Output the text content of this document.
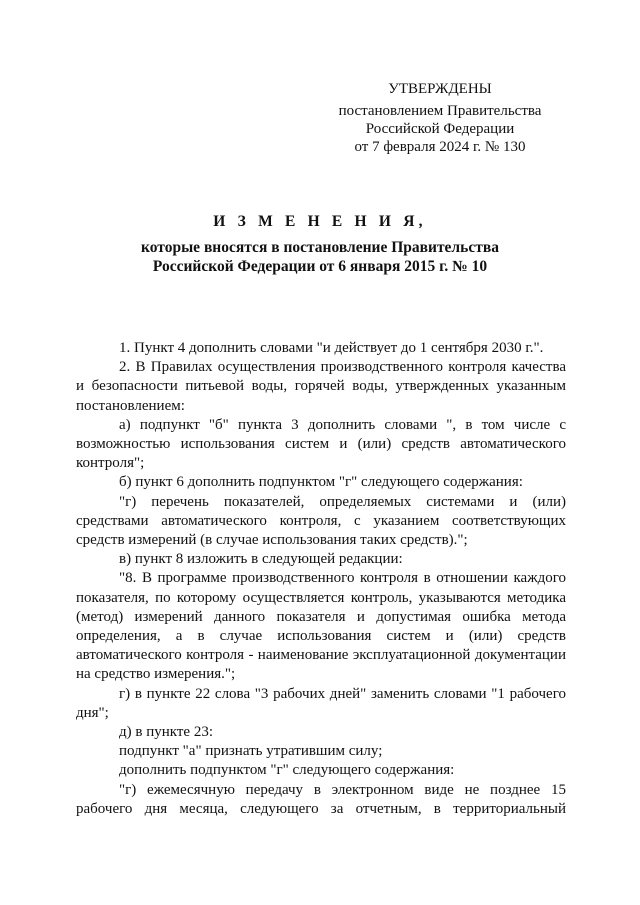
УТВЕРЖДЕНЫ
постановлением Правительства
Российской Федерации
от 7 февраля 2024 г. № 130
И З М Е Н Е Н И Я,
которые вносятся в постановление Правительства
Российской Федерации от 6 января 2015 г. № 10

1. Пункт 4 дополнить словами "и действует до 1 сентября 2030 г.".

2. В Правилах осуществления производственного контроля качества и безопасности питьевой воды, горячей воды, утвержденных указанным постановлением:

а) подпункт "б" пункта 3 дополнить словами ", в том числе с возможностью использования систем и (или) средств автоматического контроля";

б) пункт 6 дополнить подпунктом "г" следующего содержания:

"г) перечень показателей, определяемых системами и (или) средствами автоматического контроля, с указанием соответствующих средств измерений (в случае использования таких средств).";

в) пункт 8 изложить в следующей редакции:

"8. В программе производственного контроля в отношении каждого показателя, по которому осуществляется контроль, указываются методика (метод) измерений данного показателя и допустимая ошибка метода определения, а в случае использования систем и (или) средств автоматического контроля - наименование эксплуатационной документации на средство измерения.";

г) в пункте 22 слова "3 рабочих дней" заменить словами "1 рабочего дня";

д) в пункте 23:

подпункт "а" признать утратившим силу;

дополнить подпунктом "г" следующего содержания:

"г) ежемесячную передачу в электронном виде не позднее 15 рабочего дня месяца, следующего за отчетным, в территориальный
